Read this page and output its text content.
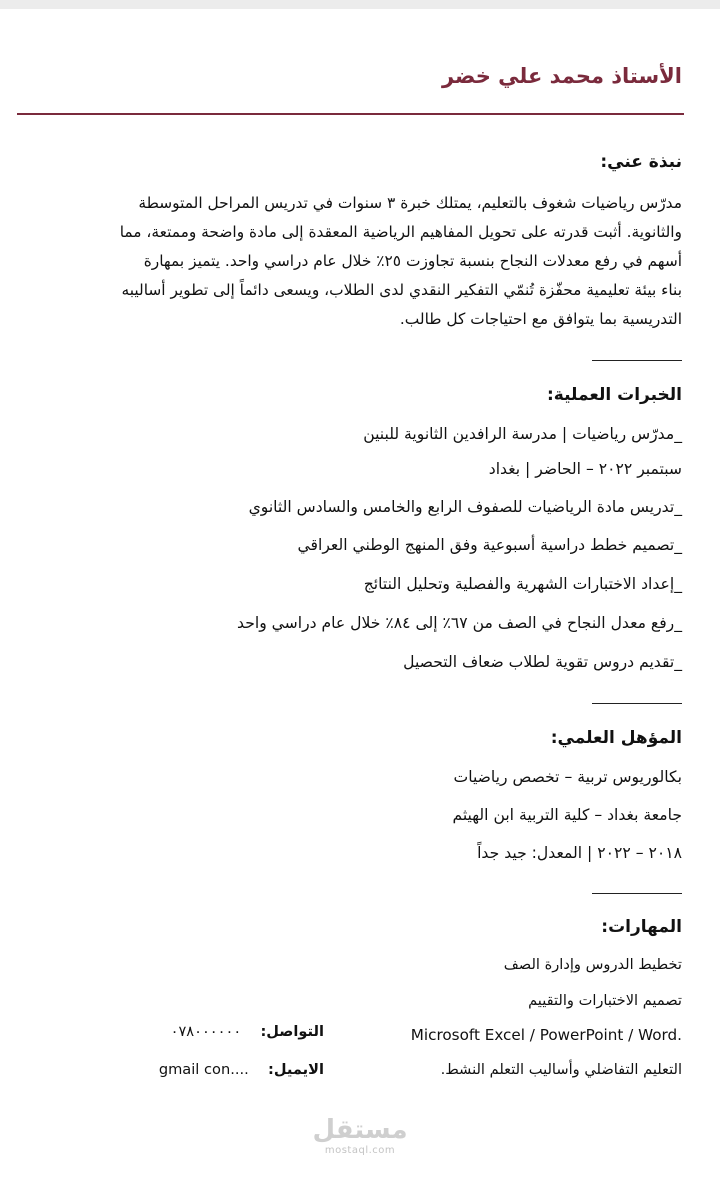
الأستاذ محمد علي خضر
نبذة عني:

مدرّس رياضيات شغوف بالتعليم، يمتلك خبرة ٣ سنوات في تدريس المراحل المتوسطة

والثانوية. أثبت قدرته على تحويل المفاهيم الرياضية المعقدة إلى مادة واضحة وممتعة، مما

أسهم في رفع معدلات النجاح بنسبة تجاوزت ٢٥٪ خلال عام دراسي واحد. يتميز بمهارة

بناء بيئة تعليمية محفّزة تُنمّي التفكير النقدي لدى الطلاب، ويسعى دائماً إلى تطوير أساليبه

التدريسية بما يتوافق مع احتياجات كل طالب.

الخبرات العملية:
_مدرّس رياضيات | مدرسة الرافدين الثانوية للبنين
سبتمبر ٢٠٢٢ – الحاضر | بغداد
_تدريس مادة الرياضيات للصفوف الرابع والخامس والسادس الثانوي
_تصميم خطط دراسية أسبوعية وفق المنهج الوطني العراقي
_إعداد الاختبارات الشهرية والفصلية وتحليل النتائج
_رفع معدل النجاح في الصف من ٦٧٪ إلى ٨٤٪ خلال عام دراسي واحد
_تقديم دروس تقوية لطلاب ضعاف التحصيل
المؤهل العلمي:
بكالوريوس تربية – تخصص رياضيات
جامعة بغداد – كلية التربية ابن الهيثم
٢٠١٨ – ٢٠٢٢ | المعدل: جيد جداً
المهارات:
تخطيط الدروس وإدارة الصف
تصميم الاختبارات والتقييم
Microsoft Excel / PowerPoint / Word.
التعليم التفاضلي وأساليب التعلم النشط.
التواصل:  ٠٧٨٠٠٠٠٠٠
الايميل:  gmail con....
مستقل
mostaql.com
